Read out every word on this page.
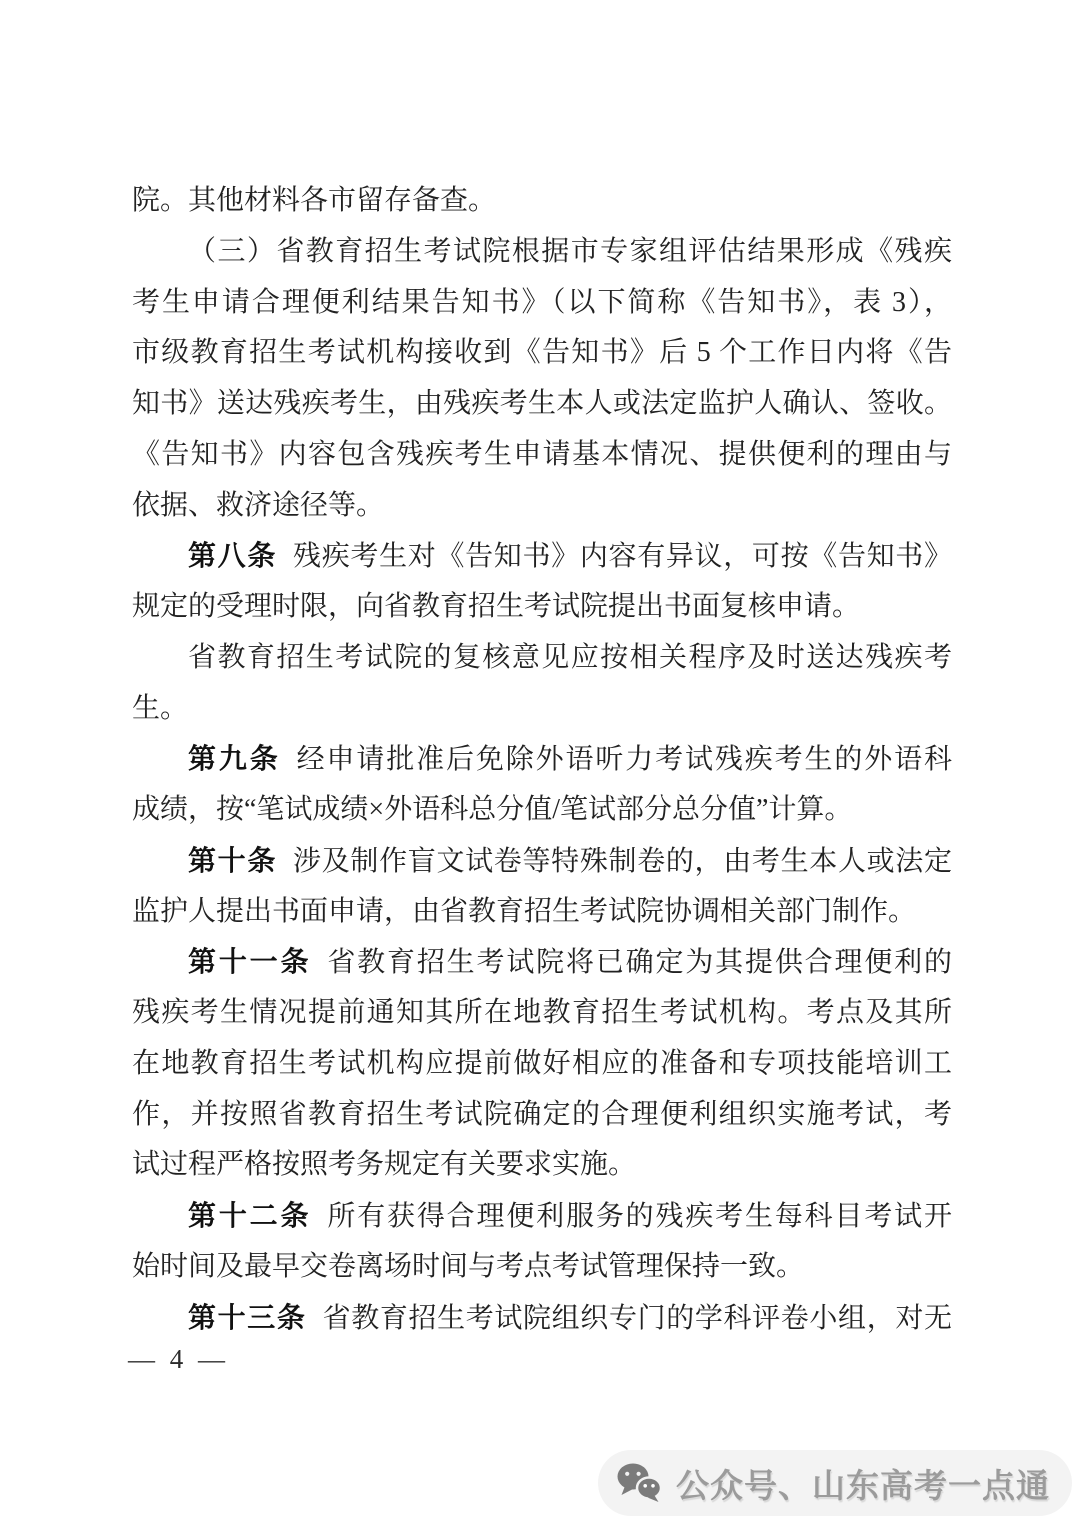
院。其他材料各市留存备查。
（三）省教育招生考试院根据市专家组评估结果形成《残疾
考生申请合理便利结果告知书》（以下简称《告知书》，表 3），
市级教育招生考试机构接收到《告知书》后 5 个工作日内将《告
知书》送达残疾考生，由残疾考生本人或法定监护人确认、签收。
《告知书》内容包含残疾考生申请基本情况、提供便利的理由与
依据、救济途径等。
第八条 残疾考生对《告知书》内容有异议，可按《告知书》
规定的受理时限，向省教育招生考试院提出书面复核申请。
省教育招生考试院的复核意见应按相关程序及时送达残疾考
生。
第九条 经申请批准后免除外语听力考试残疾考生的外语科
成绩，按“笔试成绩×外语科总分值/笔试部分总分值”计算。
第十条 涉及制作盲文试卷等特殊制卷的，由考生本人或法定
监护人提出书面申请，由省教育招生考试院协调相关部门制作。
第十一条 省教育招生考试院将已确定为其提供合理便利的
残疾考生情况提前通知其所在地教育招生考试机构。考点及其所
在地教育招生考试机构应提前做好相应的准备和专项技能培训工
作，并按照省教育招生考试院确定的合理便利组织实施考试，考
试过程严格按照考务规定有关要求实施。
第十二条 所有获得合理便利服务的残疾考生每科目考试开
始时间及最早交卷离场时间与考点考试管理保持一致。
第十三条 省教育招生考试院组织专门的学科评卷小组，对无
— 4 —
公众号、山东高考一点通
